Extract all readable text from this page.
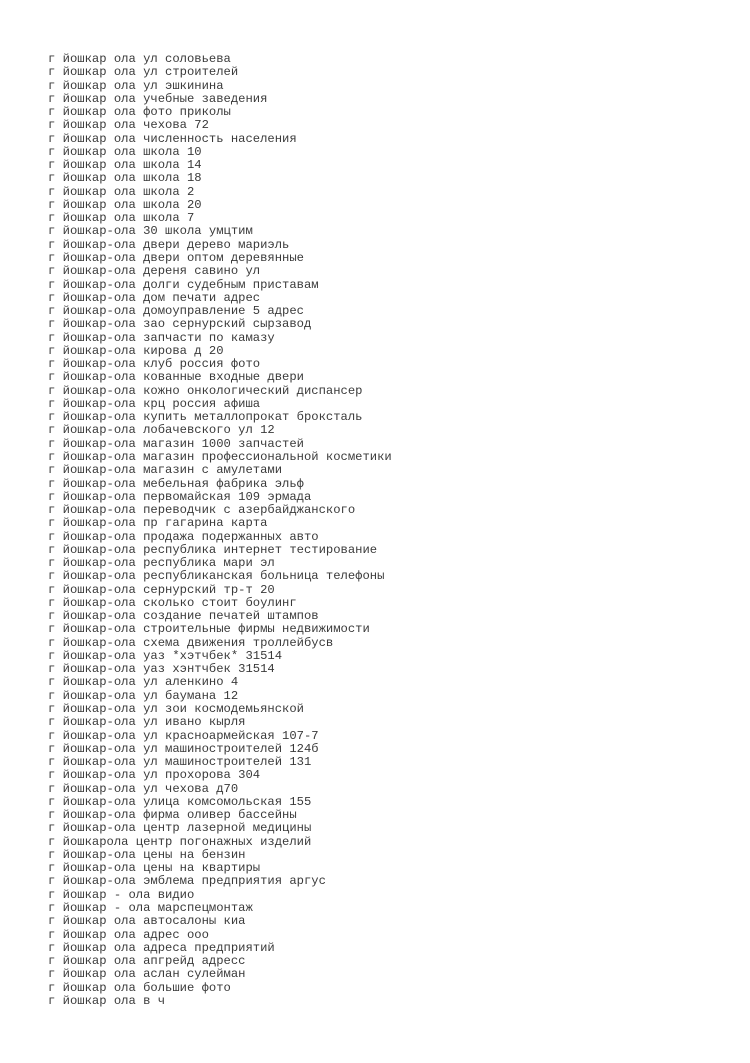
г йошкар ола ул соловьева
г йошкар ола ул строителей
г йошкар ола ул эшкинина
г йошкар ола учебные заведения
г йошкар ола фото приколы
г йошкар ола чехова 72
г йошкар ола численность населения
г йошкар ола школа 10
г йошкар ола школа 14
г йошкар ола школа 18
г йошкар ола школа 2
г йошкар ола школа 20
г йошкар ола школа 7
г йошкар-ола 30 школа умцтим
г йошкар-ола двери дерево мариэль
г йошкар-ола двери оптом деревянные
г йошкар-ола дереня савино ул
г йошкар-ола долги судебным приставам
г йошкар-ола дом печати адрес
г йошкар-ола домоуправление 5 адрес
г йошкар-ола зао сернурский сырзавод
г йошкар-ола запчасти по камазу
г йошкар-ола кирова д 20
г йошкар-ола клуб россия фото
г йошкар-ола кованные входные двери
г йошкар-ола кожно онкологический диспансер
г йошкар-ола крц россия афиша
г йошкар-ола купить металлопрокат брокcталь
г йошкар-ола лобачевского ул 12
г йошкар-ола магазин 1000 запчастей
г йошкар-ола магазин профессиональной косметики
г йошкар-ола магазин с амулетами
г йошкар-ола мебельная фабрика эльф
г йошкар-ола первомайская 109 эрмада
г йошкар-ола переводчик с азербайджанского
г йошкар-ола пр гагарина карта
г йошкар-ола продажа подержанных авто
г йошкар-ола республика интернет тестирование
г йошкар-ола республика мари эл
г йошкар-ола республиканская больница телефоны
г йошкар-ола сернурский тр-т 20
г йошкар-ола сколько стоит боулинг
г йошкар-ола создание печатей штампов
г йошкар-ола строительные фирмы недвижимости
г йошкар-ола схема движения троллейбусв
г йошкар-ола уаз *хэтчбек* 31514
г йошкар-ола уаз хэнтчбек 31514
г йошкар-ола ул аленкино 4
г йошкар-ола ул баумана 12
г йошкар-ола ул зои космодемьянской
г йошкар-ола ул ивано кырля
г йошкар-ола ул красноармейская 107-7
г йошкар-ола ул машиностроителей 124б
г йошкар-ола ул машиностроителей 131
г йошкар-ола ул прохорова 304
г йошкар-ола ул чехова д70
г йошкар-ола улица комсомольская 155
г йошкар-ола фирма оливер бассейны
г йошкар-ола центр лазерной медицины
г йошкарола центр погонажных изделий
г йошкар-ола цены на бензин
г йошкар-ола цены на квартиры
г йошкар-ола эмблема предприятия аргус
г йошкар - ола видио
г йошкар - ола марспецмонтаж
г йошкар ола автосалоны киа
г йошкар ола адрес ооо
г йошкар ола адреса предприятий
г йошкар ола апгрейд адресс
г йошкар ола аслан сулейман
г йошкар ола большие фото
г йошкар ола в ч
